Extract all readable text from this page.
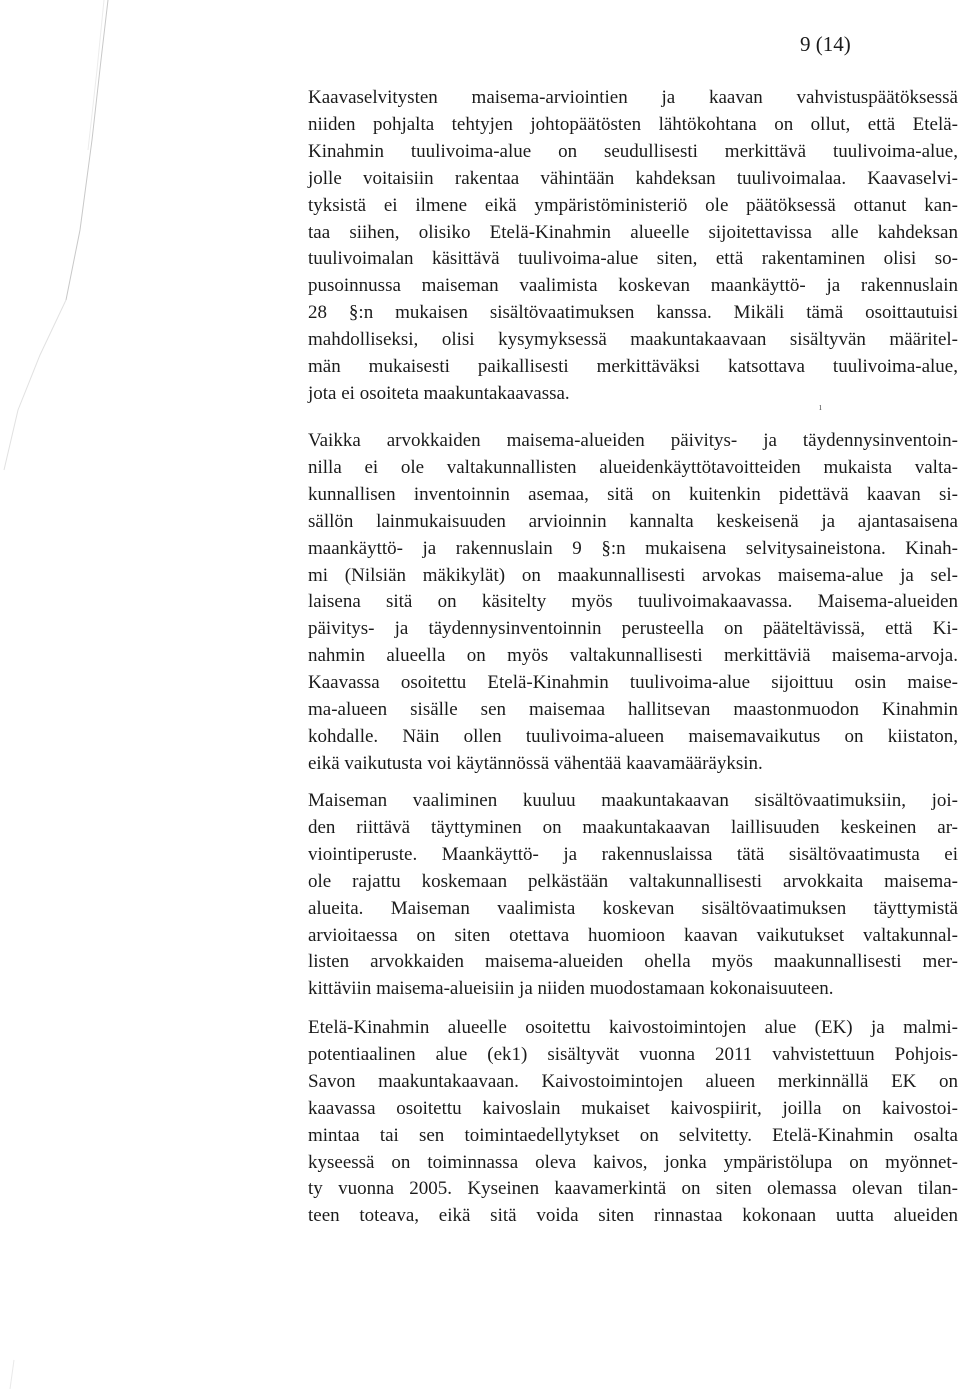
9 (14)
Kaavaselvitysten maisema-arviointien ja kaavan vahvistuspäätöksessä
niiden pohjalta tehtyjen johtopäätösten lähtökohtana on ollut, että Etelä-
Kinahmin tuulivoima-alue on seudullisesti merkittävä tuulivoima-alue,
jolle voitaisiin rakentaa vähintään kahdeksan tuulivoimalaa. Kaavaselvi-
tyksistä ei ilmene eikä ympäristöministeriö ole päätöksessä ottanut kan-
taa siihen, olisiko Etelä-Kinahmin alueelle sijoitettavissa alle kahdeksan
tuulivoimalan käsittävä tuulivoima-alue siten, että rakentaminen olisi so-
pusoinnussa maiseman vaalimista koskevan maankäyttö- ja rakennuslain
28 §:n mukaisen sisältövaatimuksen kanssa. Mikäli tämä osoittautuisi
mahdolliseksi, olisi kysymyksessä maakuntakaavaan sisältyvän määritel-
män mukaisesti paikallisesti merkittäväksi katsottava tuulivoima-alue,
jota ei osoiteta maakuntakaavassa.
ı
Vaikka arvokkaiden maisema-alueiden päivitys- ja täydennysinventoin-
nilla ei ole valtakunnallisten alueidenkäyttötavoitteiden mukaista valta-
kunnallisen inventoinnin asemaa, sitä on kuitenkin pidettävä kaavan si-
sällön lainmukaisuuden arvioinnin kannalta keskeisenä ja ajantasaisena
maankäyttö- ja rakennuslain 9 §:n mukaisena selvitysaineistona. Kinah-
mi (Nilsiän mäkikylät) on maakunnallisesti arvokas maisema-alue ja sel-
laisena sitä on käsitelty myös tuulivoimakaavassa. Maisema-alueiden
päivitys- ja täydennysinventoinnin perusteella on pääteltävissä, että Ki-
nahmin alueella on myös valtakunnallisesti merkittäviä maisema-arvoja.
Kaavassa osoitettu Etelä-Kinahmin tuulivoima-alue sijoittuu osin maise-
ma-alueen sisälle sen maisemaa hallitsevan maastonmuodon Kinahmin
kohdalle. Näin ollen tuulivoima-alueen maisemavaikutus on kiistaton,
eikä vaikutusta voi käytännössä vähentää kaavamääräyksin.
Maiseman vaaliminen kuuluu maakuntakaavan sisältövaatimuksiin, joi-
den riittävä täyttyminen on maakuntakaavan laillisuuden keskeinen ar-
viointiperuste. Maankäyttö- ja rakennuslaissa tätä sisältövaatimusta ei
ole rajattu koskemaan pelkästään valtakunnallisesti arvokkaita maisema-
alueita. Maiseman vaalimista koskevan sisältövaatimuksen täyttymistä
arvioitaessa on siten otettava huomioon kaavan vaikutukset valtakunnal-
listen arvokkaiden maisema-alueiden ohella myös maakunnallisesti mer-
kittäviin maisema-alueisiin ja niiden muodostamaan kokonaisuuteen.
Etelä-Kinahmin alueelle osoitettu kaivostoimintojen alue (EK) ja malmi-
potentiaalinen alue (ek1) sisältyvät vuonna 2011 vahvistettuun Pohjois-
Savon maakuntakaavaan. Kaivostoimintojen alueen merkinnällä EK on
kaavassa osoitettu kaivoslain mukaiset kaivospiirit, joilla on kaivostoi-
mintaa tai sen toimintaedellytykset on selvitetty. Etelä-Kinahmin osalta
kyseessä on toiminnassa oleva kaivos, jonka ympäristölupa on myönnet-
ty vuonna 2005. Kyseinen kaavamerkintä on siten olemassa olevan tilan-
teen toteava, eikä sitä voida siten rinnastaa kokonaan uutta alueiden
